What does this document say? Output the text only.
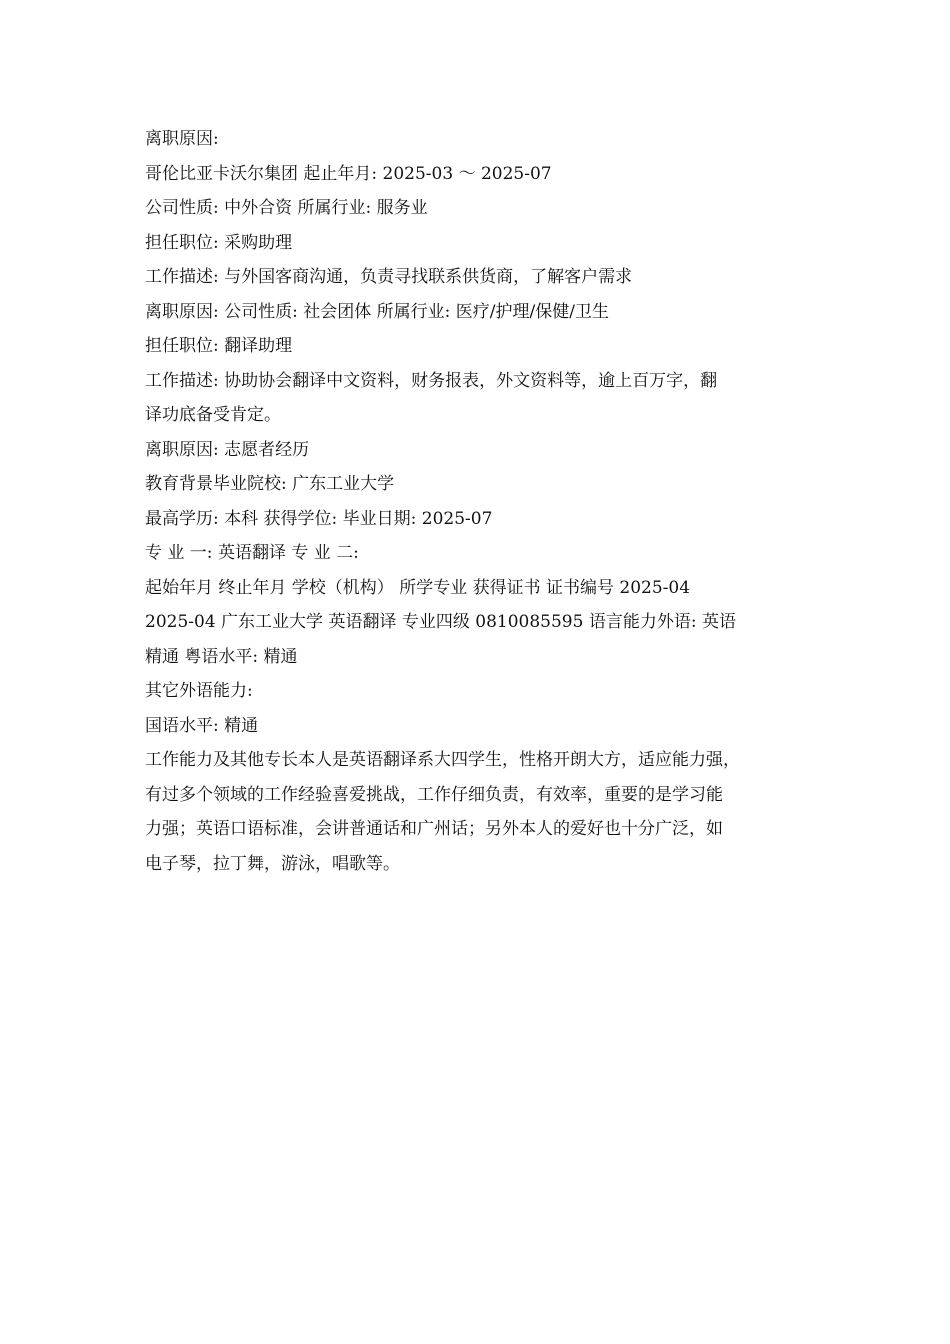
离职原因:
哥伦比亚卡沃尔集团 起止年月: 2025-03 ～ 2025-07
公司性质: 中外合资 所属行业: 服务业
担任职位: 采购助理
工作描述: 与外国客商沟通，负责寻找联系供货商，了解客户需求
离职原因: 公司性质: 社会团体 所属行业: 医疗/护理/保健/卫生
担任职位: 翻译助理
工作描述: 协助协会翻译中文资料，财务报表，外文资料等，逾上百万字，翻
译功底备受肯定。
离职原因: 志愿者经历
教育背景毕业院校: 广东工业大学
最高学历: 本科 获得学位: 毕业日期: 2025-07
专 业 一: 英语翻译 专 业 二:
起始年月 终止年月 学校（机构） 所学专业 获得证书 证书编号 2025-04
2025-04 广东工业大学 英语翻译 专业四级 0810085595 语言能力外语: 英语
精通 粤语水平: 精通
其它外语能力:
国语水平: 精通
工作能力及其他专长本人是英语翻译系大四学生，性格开朗大方，适应能力强，
有过多个领域的工作经验喜爱挑战，工作仔细负责，有效率，重要的是学习能
力强；英语口语标准，会讲普通话和广州话；另外本人的爱好也十分广泛，如
电子琴，拉丁舞，游泳，唱歌等。
